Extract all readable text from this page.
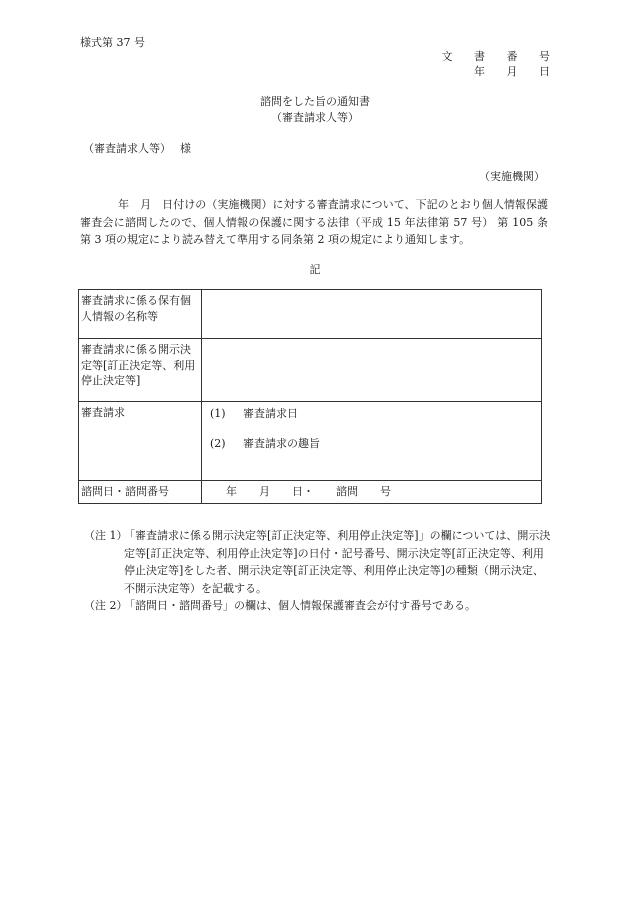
様式第 37 号
文 書 番 号
年 月 日
諮問をした旨の通知書
（審査請求人等）
（審査請求人等）　 様
（実施機関）
年　月　日付けの（実施機関）に対する審査請求について、下記のとおり個人情報保護審査会に諮問したので、個人情報の保護に関する法律（平成 15 年法律第 57 号） 第 105 条第 3 項の規定により読み替えて準用する同条第 2 項の規定により通知します。
記
審査請求に係る保有個人情報の名称等	
審査請求に係る開示決定等[訂正決定等、利用停止決定等]	
審査請求	(1) 審査請求日
(2) 審査請求の趣旨

諮問日・諮問番号	年　　月　　日・　　諮問　　号
（注 1）
「審査請求に係る開示決定等[訂正決定等、利用停止決定等]」の欄については、開示決定等[訂正決定等、利用停止決定等]の日付・記号番号、開示決定等[訂正決定等、利用停止決定等]をした者、開示決定等[訂正決定等、利用停止決定等]の種類（開示決定、不開示決定等）を記載する。
（注 2）
「諮問日・諮問番号」の欄は、個人情報保護審査会が付す番号である。
